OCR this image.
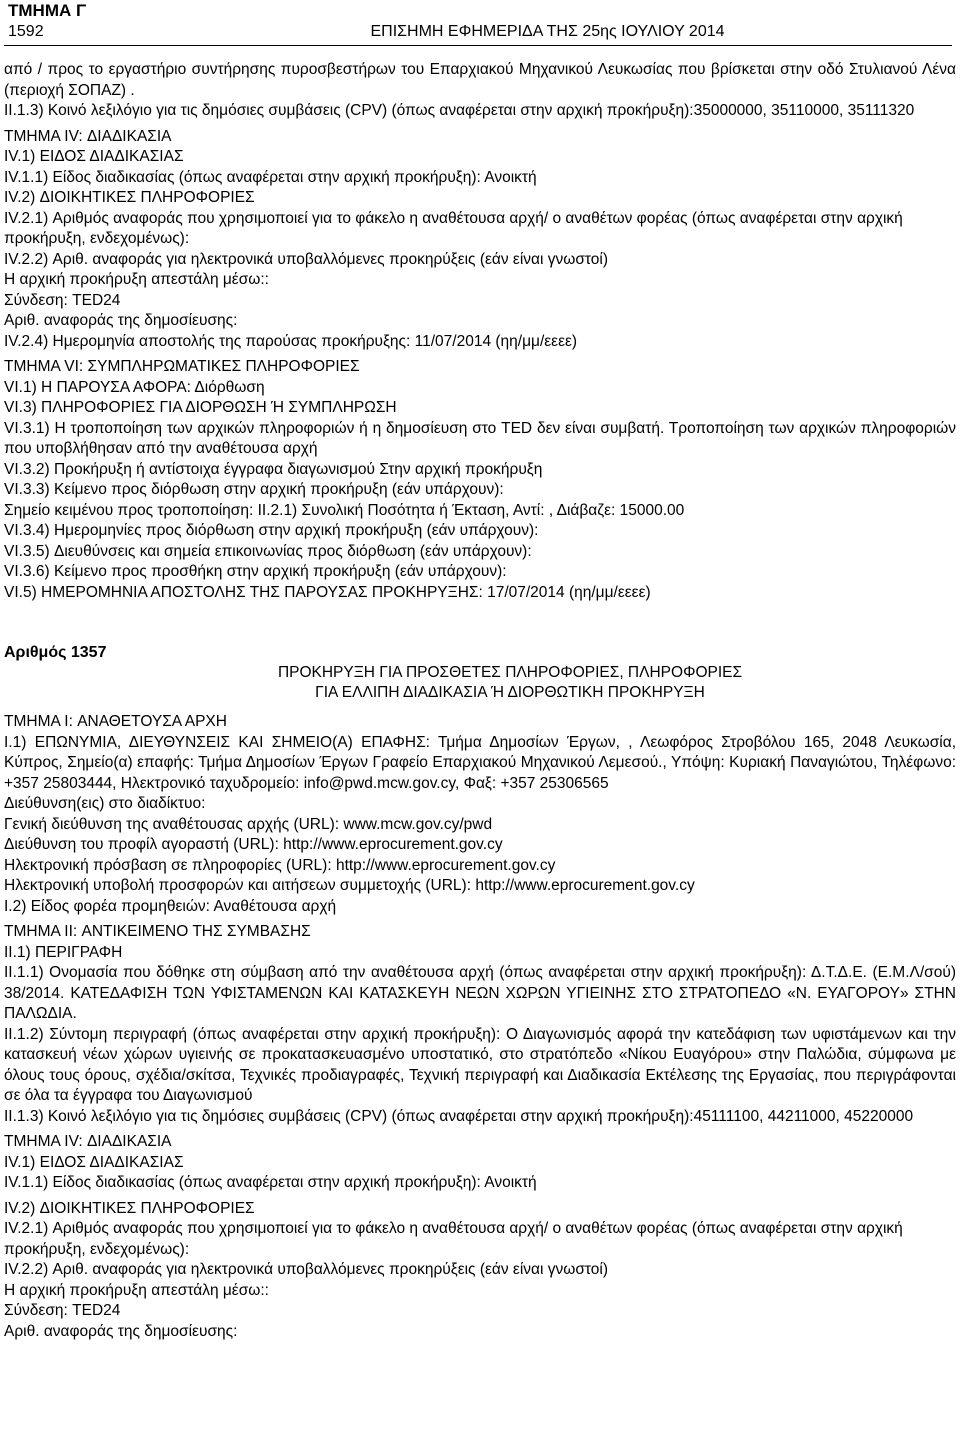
ΤΜΗΜΑ Γ
1592	ΕΠΙΣΗΜΗ ΕΦΗΜΕΡΙΔΑ ΤΗΣ 25ης ΙΟΥΛΙΟΥ 2014
από / προς το εργαστήριο συντήρησης πυροσβεστήρων του Επαρχιακού Μηχανικού Λευκωσίας που βρίσκεται στην οδό Στυλιανού Λένα (περιοχή ΣΟΠΑΖ) .
II.1.3) Κοινό λεξιλόγιο για τις δημόσιες συμβάσεις (CPV) (όπως αναφέρεται στην αρχική προκήρυξη):35000000, 35110000, 35111320
ΤΜΗΜΑ IV: ΔΙΑΔΙΚΑΣΙΑ
IV.1) ΕΙΔΟΣ ΔΙΑΔΙΚΑΣΙΑΣ
IV.1.1) Είδος διαδικασίας (όπως αναφέρεται στην αρχική προκήρυξη): Ανοικτή
IV.2) ΔΙΟΙΚΗΤΙΚΕΣ ΠΛΗΡΟΦΟΡΙΕΣ
IV.2.1) Αριθμός αναφοράς που χρησιμοποιεί για το φάκελο η αναθέτουσα αρχή/ ο αναθέτων φορέας (όπως αναφέρεται στην αρχική προκήρυξη, ενδεχομένως):
IV.2.2) Αριθ. αναφοράς για ηλεκτρονικά υποβαλλόμενες προκηρύξεις (εάν είναι γνωστοί)
Η αρχική προκήρυξη απεστάλη μέσω::
Σύνδεση: TED24
Αριθ. αναφοράς της δημοσίευσης:
IV.2.4) Ημερομηνία αποστολής της παρούσας προκήρυξης: 11/07/2014 (ηη/μμ/εεεε)
ΤΜΗΜΑ VI: ΣΥΜΠΛΗΡΩΜΑΤΙΚΕΣ ΠΛΗΡΟΦΟΡΙΕΣ
VI.1) Η ΠΑΡΟΥΣΑ ΑΦΟΡΑ: Διόρθωση
VI.3) ΠΛΗΡΟΦΟΡΙΕΣ ΓΙΑ ΔΙΟΡΘΩΣΗ Ή ΣΥΜΠΛΗΡΩΣΗ
VI.3.1) Η τροποποίηση των αρχικών πληροφοριών ή η δημοσίευση στο TED δεν είναι συμβατή. Τροποποίηση των αρχικών πληροφοριών που υποβλήθησαν από την αναθέτουσα αρχή
VI.3.2) Προκήρυξη ή αντίστοιχα έγγραφα διαγωνισμού Στην αρχική προκήρυξη
VI.3.3) Κείμενο προς διόρθωση στην αρχική προκήρυξη (εάν υπάρχουν):
Σημείο κειμένου προς τροποποίηση: II.2.1) Συνολική Ποσότητα ή Έκταση, Αντί: , Διάβαζε: 15000.00
VI.3.4) Ημερομηνίες προς διόρθωση στην αρχική προκήρυξη (εάν υπάρχουν):
VI.3.5) Διευθύνσεις και σημεία επικοινωνίας προς διόρθωση (εάν υπάρχουν):
VI.3.6) Κείμενο προς προσθήκη στην αρχική προκήρυξη (εάν υπάρχουν):
VI.5) ΗΜΕΡΟΜΗΝΙΑ ΑΠΟΣΤΟΛΗΣ ΤΗΣ ΠΑΡΟΥΣΑΣ ΠΡΟΚΗΡΥΞΗΣ: 17/07/2014 (ηη/μμ/εεεε)
Αριθμός 1357
ΠΡΟΚΗΡΥΞΗ ΓΙΑ ΠΡΟΣΘΕΤΕΣ ΠΛΗΡΟΦΟΡΙΕΣ, ΠΛΗΡΟΦΟΡΙΕΣ
ΓΙΑ ΕΛΛΙΠΗ ΔΙΑΔΙΚΑΣΙΑ Ή ΔΙΟΡΘΩΤΙΚΗ ΠΡΟΚΗΡΥΞΗ
ΤΜΗΜΑ I: ΑΝΑΘΕΤΟΥΣΑ ΑΡΧΗ
I.1) ΕΠΩΝΥΜΙΑ, ΔΙΕΥΘΥΝΣΕΙΣ ΚΑΙ ΣΗΜΕΙΟ(Α) ΕΠΑΦΗΣ: Τμήμα Δημοσίων Έργων, , Λεωφόρος Στροβόλου 165, 2048 Λευκωσία, Κύπρος, Σημείο(α) επαφής: Τμήμα Δημοσίων Έργων Γραφείο Επαρχιακού Μηχανικού Λεμεσού., Υπόψη: Κυριακή Παναγιώτου, Τηλέφωνο: +357 25803444, Ηλεκτρονικό ταχυδρομείο: info@pwd.mcw.gov.cy, Φαξ: +357 25306565
Διεύθυνση(εις) στο διαδίκτυο:
Γενική διεύθυνση της αναθέτουσας αρχής (URL): www.mcw.gov.cy/pwd
Διεύθυνση του προφίλ αγοραστή (URL): http://www.eprocurement.gov.cy
Ηλεκτρονική πρόσβαση σε πληροφορίες (URL): http://www.eprocurement.gov.cy
Ηλεκτρονική υποβολή προσφορών και αιτήσεων συμμετοχής (URL): http://www.eprocurement.gov.cy
I.2) Είδος φορέα προμηθειών: Αναθέτουσα αρχή
ΤΜΗΜΑ II: ΑΝΤΙΚΕΙΜΕΝΟ ΤΗΣ ΣΥΜΒΑΣΗΣ
II.1) ΠΕΡΙΓΡΑΦΗ
II.1.1) Ονομασία που δόθηκε στη σύμβαση από την αναθέτουσα αρχή (όπως αναφέρεται στην αρχική προκήρυξη): Δ.Τ.Δ.Ε. (Ε.Μ.Λ/σού) 38/2014. ΚΑΤΕΔΑΦΙΣΗ ΤΩΝ ΥΦΙΣΤΑΜΕΝΩΝ ΚΑΙ ΚΑΤΑΣΚΕΥΗ ΝΕΩΝ ΧΩΡΩΝ ΥΓΙΕΙΝΗΣ ΣΤΟ ΣΤΡΑΤΟΠΕΔΟ «Ν. ΕΥΑΓΟΡΟΥ» ΣΤΗΝ ΠΑΛΩΔΙΑ.
II.1.2) Σύντομη περιγραφή (όπως αναφέρεται στην αρχική προκήρυξη): Ο Διαγωνισμός αφορά την κατεδάφιση των υφιστάμενων και την κατασκευή νέων χώρων υγιεινής σε προκατασκευασμένο υποστατικό, στο στρατόπεδο «Νίκου Ευαγόρου» στην Παλώδια, σύμφωνα με όλους τους όρους, σχέδια/σκίτσα, Τεχνικές προδιαγραφές, Τεχνική περιγραφή και Διαδικασία Εκτέλεσης της Εργασίας, που περιγράφονται σε όλα τα έγγραφα του Διαγωνισμού
II.1.3) Κοινό λεξιλόγιο για τις δημόσιες συμβάσεις (CPV) (όπως αναφέρεται στην αρχική προκήρυξη):45111100, 44211000, 45220000
ΤΜΗΜΑ IV: ΔΙΑΔΙΚΑΣΙΑ
IV.1) ΕΙΔΟΣ ΔΙΑΔΙΚΑΣΙΑΣ
IV.1.1) Είδος διαδικασίας (όπως αναφέρεται στην αρχική προκήρυξη): Ανοικτή
IV.2) ΔΙΟΙΚΗΤΙΚΕΣ ΠΛΗΡΟΦΟΡΙΕΣ
IV.2.1) Αριθμός αναφοράς που χρησιμοποιεί για το φάκελο η αναθέτουσα αρχή/ ο αναθέτων φορέας (όπως αναφέρεται στην αρχική προκήρυξη, ενδεχομένως):
IV.2.2) Αριθ. αναφοράς για ηλεκτρονικά υποβαλλόμενες προκηρύξεις (εάν είναι γνωστοί)
Η αρχική προκήρυξη απεστάλη μέσω::
Σύνδεση: TED24
Αριθ. αναφοράς της δημοσίευσης:
